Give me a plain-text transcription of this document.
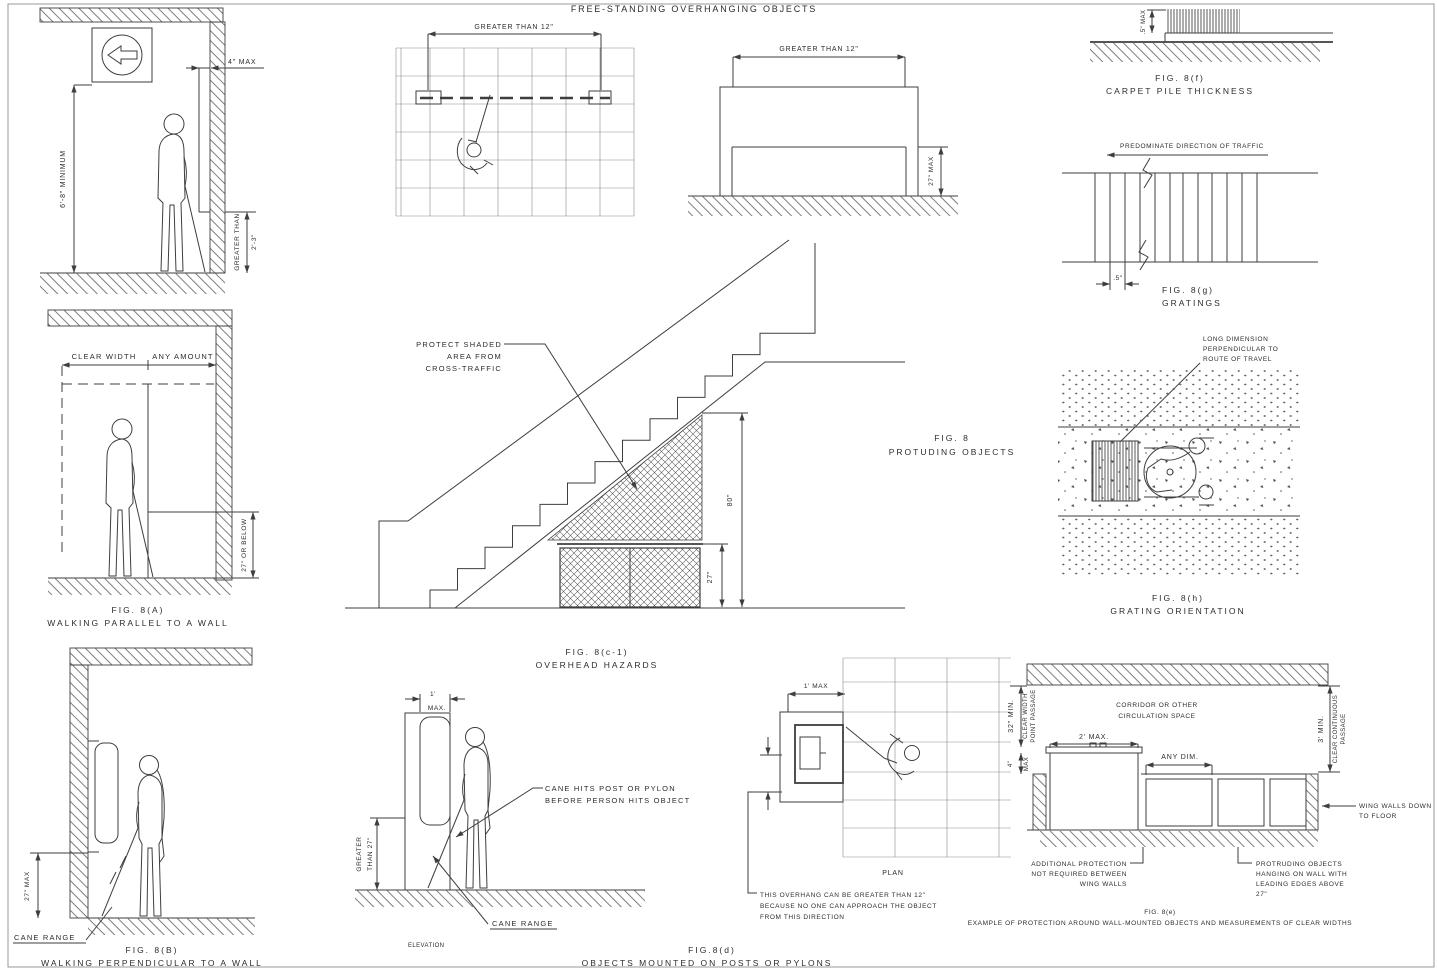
FREE-STANDING OVERHANGING OBJECTS
4" MAX
6'-8" MINIMUM
GREATER THAN 2'-3"
CLEAR WIDTH ANY AMOUNT
27" OR BELOW
FIG. 8(A)
WALKING PARALLEL TO A WALL
27" MAX
CANE RANGE
FIG. 8(B)
WALKING PERPENDICULAR TO A WALL
GREATER THAN 12"
GREATER THAN 12"
27" MAX
80"
27"
PROTECT SHADED
AREA FROM
CROSS-TRAFFIC
FIG. 8(c-1)
OVERHEAD HAZARDS
FIG. 8
PROTUDING OBJECTS
.5" MAX
FIG. 8(f)
CARPET PILE THICKNESS
PREDOMINATE DIRECTION OF TRAFFIC
.5"
FIG. 8(g)
GRATINGS
LONG DIMENSION
PERPENDICULAR TO
ROUTE OF TRAVEL
FIG. 8(h)
GRATING ORIENTATION
1'
MAX.
GREATER THAN 27"
CANE HITS POST OR PYLON
BEFORE PERSON HITS OBJECT
CANE RANGE
ELEVATION
1' MAX
THIS OVERHANG CAN BE GREATER THAN 12"
BECAUSE NO ONE CAN APPROACH THE OBJECT
FROM THIS DIRECTION
PLAN
FIG.8(d)
OBJECTS MOUNTED ON POSTS OR PYLONS
CORRIDOR OR OTHER
CIRCULATION SPACE
32" MIN. CLEAR WIDTH POINT PASSAGE
4" MAX
2' MAX.
ANY DIM.
3' MIN. CLEAR CONTINUOUS PASSAGE
WING WALLS DOWN
TO FLOOR
ADDITIONAL PROTECTION
NOT REQUIRED BETWEEN
WING WALLS
PROTRUDING OBJECTS
HANGING ON WALL WITH
LEADING EDGES ABOVE
27"
FIG. 8(e)
EXAMPLE OF PROTECTION AROUND WALL-MOUNTED OBJECTS AND MEASUREMENTS OF CLEAR WIDTHS
